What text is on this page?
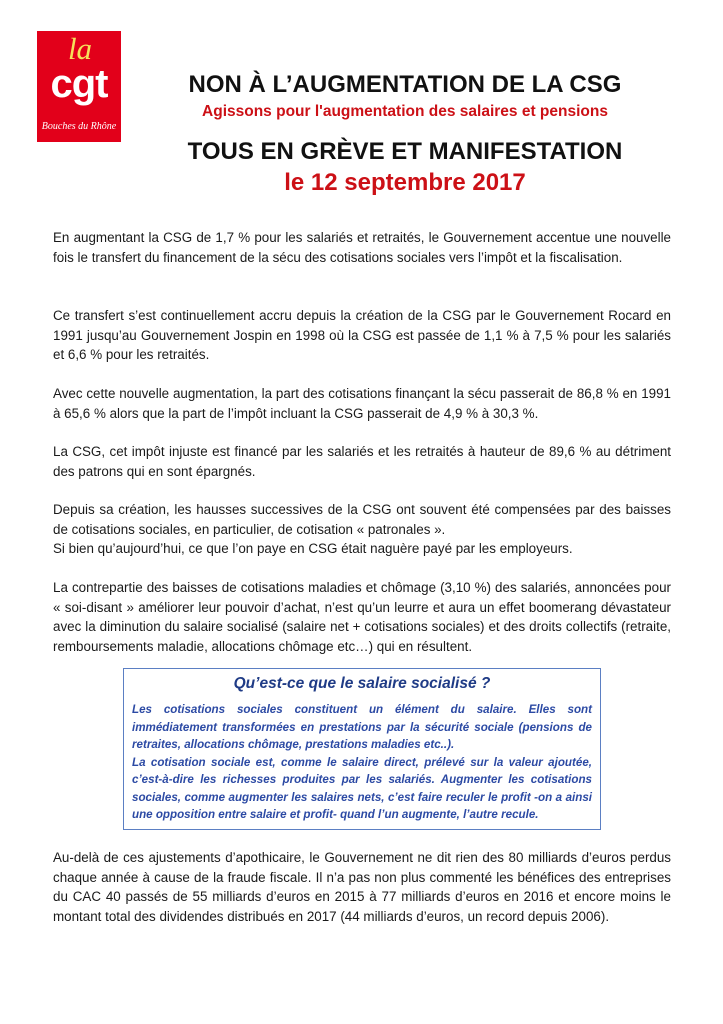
la
cgt
Bouches du Rhône
NON À L’AUGMENTATION DE LA CSG
Agissons pour l'augmentation des salaires et pensions
TOUS EN GRÈVE ET MANIFESTATION
le 12 septembre 2017

En augmentant la CSG de 1,7 % pour les salariés et retraités, le Gouvernement accentue une nouvelle fois le transfert du financement de la sécu des cotisations sociales vers l’impôt et la fiscalisation.

Ce transfert s’est continuellement accru depuis la création de la CSG par le Gouvernement Rocard en 1991 jusqu’au Gouvernement Jospin en 1998 où la CSG est passée de 1,1 % à 7,5 % pour les salariés et 6,6 % pour les retraités.

Avec cette nouvelle augmentation, la part des cotisations finançant la sécu passerait de 86,8 % en 1991 à 65,6 % alors que la part de l’impôt incluant la CSG passerait de 4,9 % à 30,3 %.

La CSG, cet impôt injuste est financé par les salariés et les retraités à hauteur de 89,6 % au détriment des patrons qui en sont épargnés.

Depuis sa création, les hausses successives de la CSG ont souvent été compensées par des baisses de cotisations sociales, en particulier, de cotisation « patronales ».

Si bien qu’aujourd’hui, ce que l’on paye en CSG était naguère payé par les employeurs.

La contrepartie des baisses de cotisations maladies et chômage (3,10 %) des salariés, annoncées pour « soi-disant » améliorer leur pouvoir d’achat, n’est qu’un leurre et aura un effet boomerang dévastateur avec la diminution du salaire socialisé (salaire net + cotisations sociales) et des droits collectifs (retraite, remboursements maladie, allocations chômage etc…) qui en résultent.

Qu’est-ce que le salaire socialisé ?

Les cotisations sociales constituent un élément du salaire. Elles sont immédiatement transformées en prestations par la sécurité sociale (pensions de retraites, allocations chômage, prestations maladies etc..).

La cotisation sociale est, comme le salaire direct, prélevé sur la valeur ajoutée, c’est-à-dire les richesses produites par les salariés. Augmenter les cotisations sociales, comme augmenter les salaires nets, c’est faire reculer le profit -on a ainsi une opposition entre salaire et profit- quand l’un augmente, l’autre recule.

Au-delà de ces ajustements d’apothicaire, le Gouvernement ne dit rien des 80 milliards d’euros perdus chaque année à cause de la fraude fiscale. Il n’a pas non plus commenté les bénéfices des entreprises du CAC 40 passés de 55 milliards d’euros en 2015 à 77 milliards d’euros en 2016 et encore moins le montant total des dividendes distribués en 2017 (44 milliards d’euros, un record depuis 2006).
